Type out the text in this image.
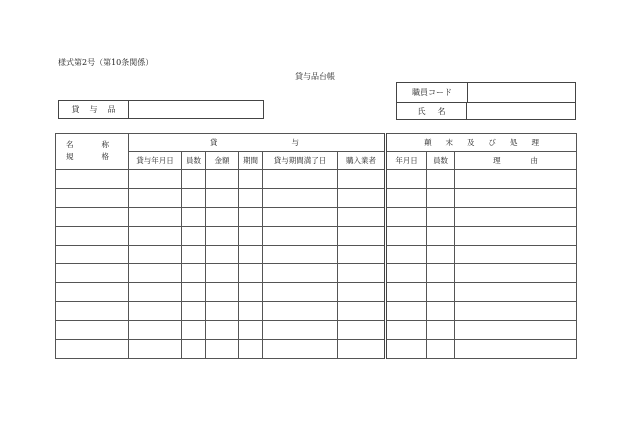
様式第2号（第10条関係）
貸与品台帳
貸与品
職員コード
氏名
名称
規格	貸与						顛末及び処理		
	貸与年月日	員数	金額	期間	貸与期間満了日	購入業者	年月日	員数	理由
